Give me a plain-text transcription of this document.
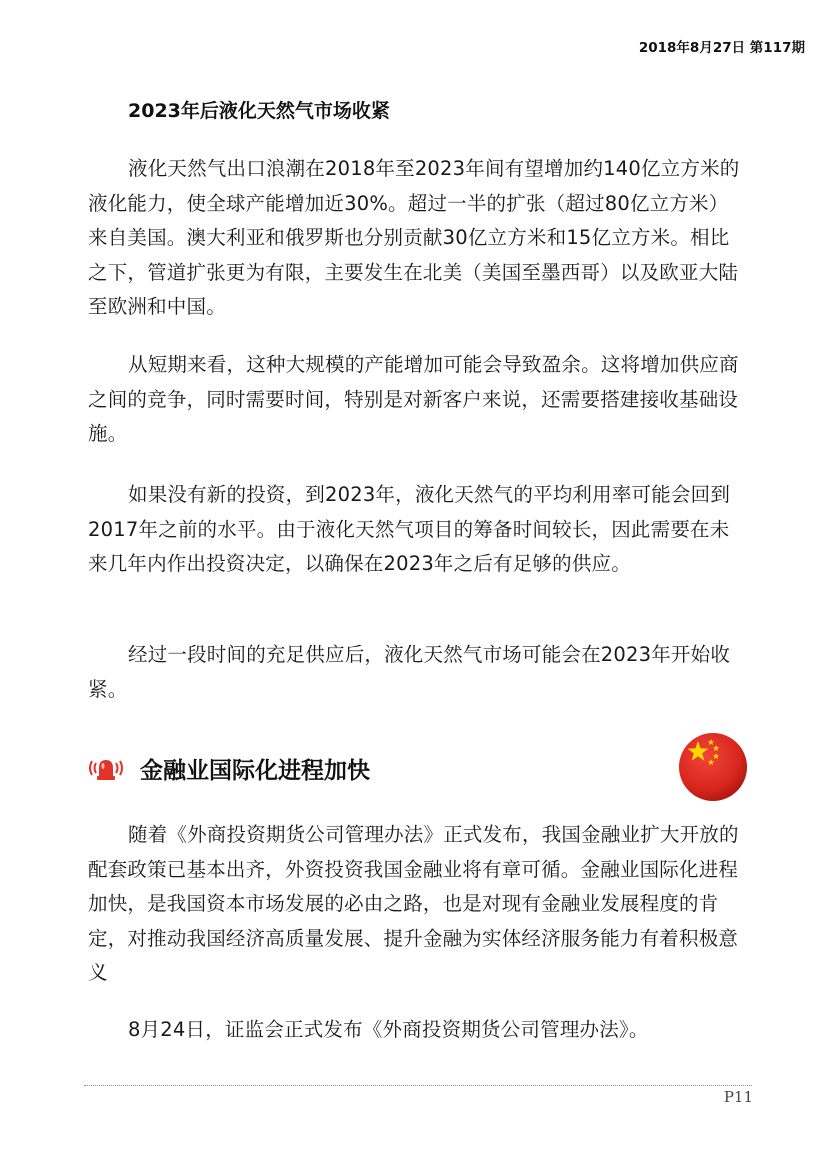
2018年8月27日 第117期
2023年后液化天然气市场收紧

液化天然气出口浪潮在2018年至2023年间有望增加约140亿立方米的液化能力，使全球产能增加近30%。超过一半的扩张（超过80亿立方米）来自美国。澳大利亚和俄罗斯也分别贡献30亿立方米和15亿立方米。相比之下，管道扩张更为有限，主要发生在北美（美国至墨西哥）以及欧亚大陆至欧洲和中国。

从短期来看，这种大规模的产能增加可能会导致盈余。这将增加供应商之间的竞争，同时需要时间，特别是对新客户来说，还需要搭建接收基础设施。

如果没有新的投资，到2023年，液化天然气的平均利用率可能会回到2017年之前的水平。由于液化天然气项目的筹备时间较长，因此需要在未来几年内作出投资决定，以确保在2023年之后有足够的供应。

经过一段时间的充足供应后，液化天然气市场可能会在2023年开始收紧。

金融业国际化进程加快

随着《外商投资期货公司管理办法》正式发布，我国金融业扩大开放的配套政策已基本出齐，外资投资我国金融业将有章可循。金融业国际化进程加快，是我国资本市场发展的必由之路，也是对现有金融业发展程度的肯定，对推动我国经济高质量发展、提升金融为实体经济服务能力有着积极意义

8月24日，证监会正式发布《外商投资期货公司管理办法》。

P11
